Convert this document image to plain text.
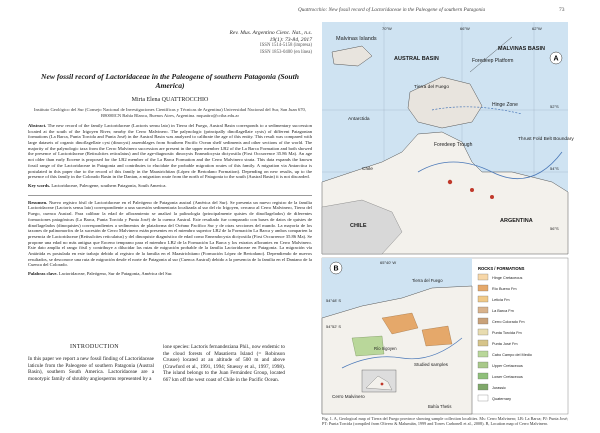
Quattrocchio: New fossil record of Lactoridaceae in the Paleogene of southern Patagonia	73
Rev. Mus. Argentino Cienc. Nat., n.s.
19(1): 73-84, 2017
ISSN 1514-5158 (impresa)
ISSN 1853-0400 (en línea)
New fossil record of Lactoridaceae in the Paleogene of southern Patagonia (South America)
Mirta Elena QUATTROCCHIO
Instituto Geológico del Sur (Consejo Nacional de Investigaciones Científicas y Técnicas de Argentina) Universidad Nacional del Sur, San Juan 670, B8000ICN Bahía Blanca, Buenos Aires, Argentina. mquattro@criba.edu.ar
Abstract. The new record of the family Lactoridaceae (Lactoris sensu lato) in Tierra del Fuego, Austral Basin corresponds to a sedimentary succession located at the south of the Irigoyen River, nearby the Cerro Malvinero. The palynologic (principally dinoflagellate cysts) of different Patagonian formations (La Barca, Punta Torcida and Punta José) in the Austral Basin was analyzed to calibrate the age of this entity. This result was compared with large datasets of organic dinoflagellate cyst (dinocyst) assemblages from Southern Pacific Ocean shelf sediments and other sections of the world. The majority of the palynologic taxa from the Cerro Malvinero succession are present in the upper member LB2 of the La Barca Formation and both showed the presence of Lactoridaceae (Retisulcites reticulatus) and the age-diagnostic dinocysts Enneadocysta dictyostila (First Occurrence 35.86 Ma). An age not older than early Eocene is proposed for the LB2 member of the La Barca Formation and the Cerro Malvinero strata. This data expands the known fossil range of the Lactoridaceae in Patagonia and contributes to elucidate the probable migration routes of this family. A migration via Antarctica is postulated in this paper due to the record of this family in the Maastrichtian (López de Bertodano Formation). Depending on new results, up to the presence of this family in the Colorado Basin in the Danian, a migration route from the north of Patagonia to the south (Austral Basin) it is not discarded.
Key words. Lactoridaceae, Paleogene, southern Patagonia, South America.
Resumen. Nuevo registro fósil de Lactoridaceae en el Paleógeno de Patagonia austral (América del Sur). Se presenta un nuevo registro de la familia Lactoridaceae (Lactoris sensu lato) correspondiente a una sucesión sedimentaria localizada al sur del río Irigoyen, cercano al Cerro Malvinero, Tierra del Fuego, cuenca Austral. Para calibrar la edad de afloramiento se analizó la palinología (principalmente quistes de dinoflagelados) de diferentes formaciones patagónicas (La Barca, Punta Torcida y Punta José) de la cuenca Austral. Este resultado fue comparado con bases de datos de quistes de dinoflagelados (dinoquistes) correspondientes a sedimentos de plataforma del Océano Pacífico Sur y de otras secciones del mundo. La mayoría de los taxones de palinomorfos de la sucesión de Cerro Malvinero están presentes en el miembro superior LB2 de la Formación La Barca y ambos comparten la presencia de Lactoridaceae (Retisulcites reticulatus) y del dinoquiste diagnóstico de edad como Enneadocysta dictyostila (First Occurrence 35.86 Ma). Se propone una edad no más antigua que Eoceno temprano para el miembro LB2 de la Formación La Barca y los estratos aflorantes en Cerro Malvinero. Este dato amplía el rango fósil y contribuye a dilucidar las rutas de migración probable de la familia Lactoridaceae en Patagonia. La migración vía Antártida es postulada en este trabajo debido al registro de la familia en el Maastrichtiano (Formación López de Bertodano). Dependiendo de nuevos resultados, se desconoce una ruta de migración desde el norte de Patagonia al sur (Cuenca Austral) debido a la presencia de la familia en el Daniano de la Cuenca del Colorado.
Palabras clave. Lactoridaceae, Paleógeno, Sur de Patagonia, América del Sur.
INTRODUCTION
In this paper we report a new fossil finding of Lactoridaceae laticule from the Paleogene of southern Patagonia (Austral Basin), southern South America. Lactoridaceae are a monotypic family of shrubby angiosperms represented by a
lone species: Lactoris fernandeziana Phil., now endemic to the cloud forests of Masatierra Island (= Robinson Crusoe) located at an altitude of 500 m and above (Crawford et al., 1991, 1994; Stuessy et al., 1997, 1998). The island belongs to the Juan Fernández Group, located 667 km off the west coast of Chile in the Pacific Ocean.
Malvinas Islands
AUSTRAL BASIN
Tierra del Fuego
Foredeep Platform
MALVINAS BASIN
Hinge Zone
Antarctida
Foredeep Trough
Thrust Fold Belt Boundary
Chile
CHILE
ARGENTINA
70°W	66°W	62°W
52°S
54°S
56°S
A
Cerro Malvinero
Studied samples
Río Irigoyen
Bahía Thetis
Tierra del Fuego
54°48' S
54°52' S
65°40' W
B	ROCKS / FORMATIONS
Hinge Cretaceous
Río Bueno Fm
Leticia Fm
La Barca Fm
Cerro Colorado Fm
Punta Torcida Fm
Punta José Fm
Cabo Campo del Medio
Upper Cretaceous
Lower Cretaceous
Jurassic
Quaternary
Fig. 1. A, Geological map of Tierra del Fuego province showing sample collection localities. Ms: Cerro Malvinero; LB: La Barca; PJ: Punta José; PT: Punta Torcida (compiled from Olivero & Malumián, 1999 and Torres Carbonell et al., 2008). B, Location map of Cerro Malvinero.
